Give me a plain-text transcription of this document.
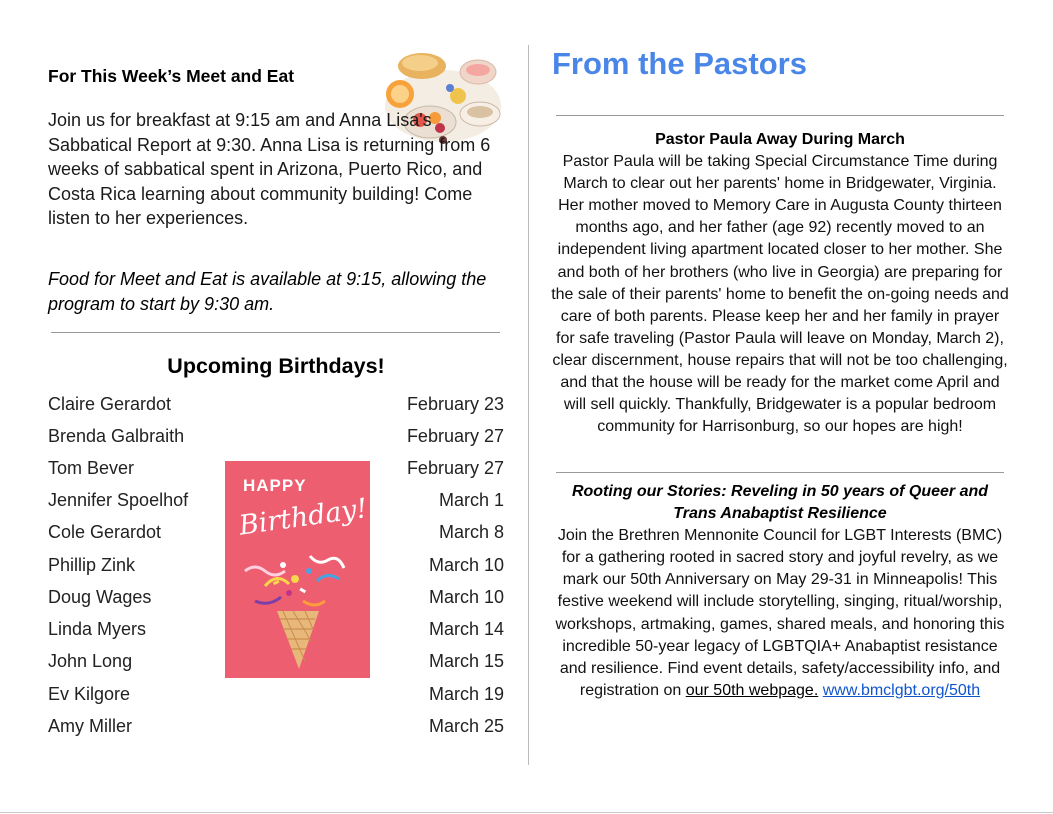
For This Week’s Meet and Eat
Join us for breakfast at 9:15 am and Anna Lisa's Sabbatical Report at 9:30. Anna Lisa is returning from 6 weeks of sabbatical spent in Arizona, Puerto Rico, and Costa Rica learning about community building! Come listen to her experiences.
Food for Meet and Eat is available at 9:15, allowing the program to start by 9:30 am.
Upcoming Birthdays!
Claire Gerardot	February 23
Brenda Galbraith	February 27
Tom Bever	February 27
Jennifer Spoelhof	March 1
Cole Gerardot	March 8
Phillip Zink	March 10
Doug Wages	March 10
Linda Myers	March 14
John Long	March 15
Ev Kilgore	March 19
Amy Miller	March 25
HAPPY
Birthday!
From the Pastors
Pastor Paula Away During March
Pastor Paula will be taking Special Circumstance Time during March to clear out her parents' home in Bridgewater, Virginia. Her mother moved to Memory Care in Augusta County thirteen months ago, and her father (age 92) recently moved to an independent living apartment located closer to her mother. She and both of her brothers (who live in Georgia) are preparing for the sale of their parents' home to benefit the on-going needs and care of both parents. Please keep her and her family in prayer for safe traveling (Pastor Paula will leave on Monday, March 2), clear discernment, house repairs that will not be too challenging, and that the house will be ready for the market come April and will sell quickly. Thankfully, Bridgewater is a popular bedroom community for Harrisonburg, so our hopes are high!
Rooting our Stories: Reveling in 50 years of Queer and Trans Anabaptist Resilience
Join the Brethren Mennonite Council for LGBT Interests (BMC) for a gathering rooted in sacred story and joyful revelry, as we mark our 50th Anniversary on May 29-31 in Minneapolis! This festive weekend will include storytelling, singing, ritual/worship, workshops, artmaking, games, shared meals, and honoring this incredible 50-year legacy of LGBTQIA+ Anabaptist resistance and resilience. Find event details, safety/accessibility info, and registration on our 50th webpage. www.bmclgbt.org/50th
